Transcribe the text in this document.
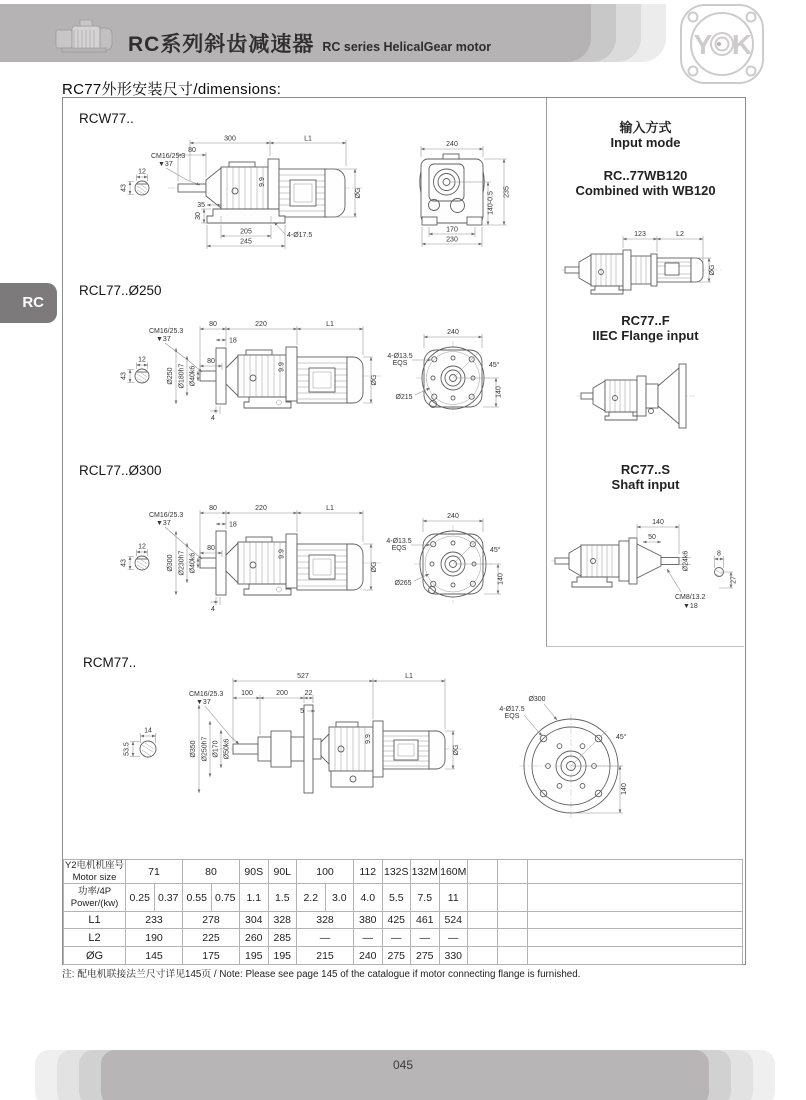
RC系列斜齿减速器 RC series HelicalGear motor	Y K
RC77外形安装尺寸/dimensions:
RC
RCW77..
12
43
CM16/25.3
▼37
80
300	L1
9.9
ØG
35
30
205
245
4-Ø17.5
240
235
140-0.5
170
230
RCL77..Ø250
12
43
CM16/25.3
▼37
80	220	L1
18
Ø250 Ø180h7 Ø40k6
80
9.9
ØG
4
240
4-Ø13.5
EQS
Ø215
45°
140
RCL77..Ø300
12
43
CM16/25.3
▼37
80	220	L1
18
Ø300 Ø230h7 Ø40k6
80
9.9
ØG
4
240
4-Ø13.5
EQS
Ø265
45°
140
RCM77..
14
53.5
CM16/25.3
▼37
527	L1
100	200 22
5
Ø350 Ø250h7 Ø170 Ø50k6	9.9
ØG
Ø300
4-Ø17.5
EQS
45°
140
输入方式
Input mode
RC..77WB120
Combined with WB120
123	L2
ØG
RC77..F
IIEC Flange input
RC77..S
Shaft input
140
50
Ø24k6
CM8/13.2
▼18
8
27
Y2电机机座号
Motor size	71		80		90S	90L	100		112	132S	132M	160M			

功率/4P
Power/(kw)	0.25	0.37	0.55	0.75	1.1	1.5	2.2	3.0	4.0	5.5	7.5	11			
L1	233		278		304	328	328		380	425	461	524			
L2	190		225		260	285	—		—	—	—	—			
ØG	145		175		195	195	215		240	275	275	330			
注: 配电机联接法兰尺寸详见145页 / Note: Please see page 145 of the catalogue if motor connecting flange is furnished.
045
